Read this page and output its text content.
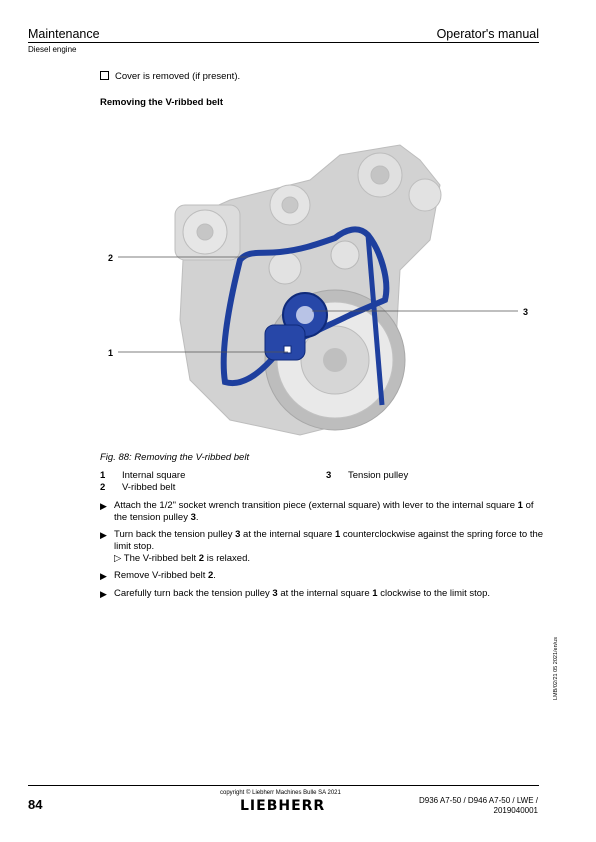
Maintenance	Operator's manual
Diesel engine
Cover is removed (if present).
Removing the V-ribbed belt
2
1
3
Fig. 88: Removing the V-ribbed belt
1 Internal square
2 V-ribbed belt
3 Tension pulley
▶ Attach the 1/2" socket wrench transition piece (external square) with lever to the internal square 1 of the tension pulley 3.
▶ Turn back the tension pulley 3 at the internal square 1 counterclockwise against the spring force to the limit stop.
▷ The V-ribbed belt 2 is relaxed.
▶ Remove V-ribbed belt 2.
▶ Carefully turn back the tension pulley 3 at the internal square 1 clockwise to the limit stop.
LMB/02/21 05 2021/en/us
84
copyright © Liebherr Machines Bulle SA 2021
LIEBHERR	D936 A7-50 / D946 A7-50 / LWE /
2019040001
